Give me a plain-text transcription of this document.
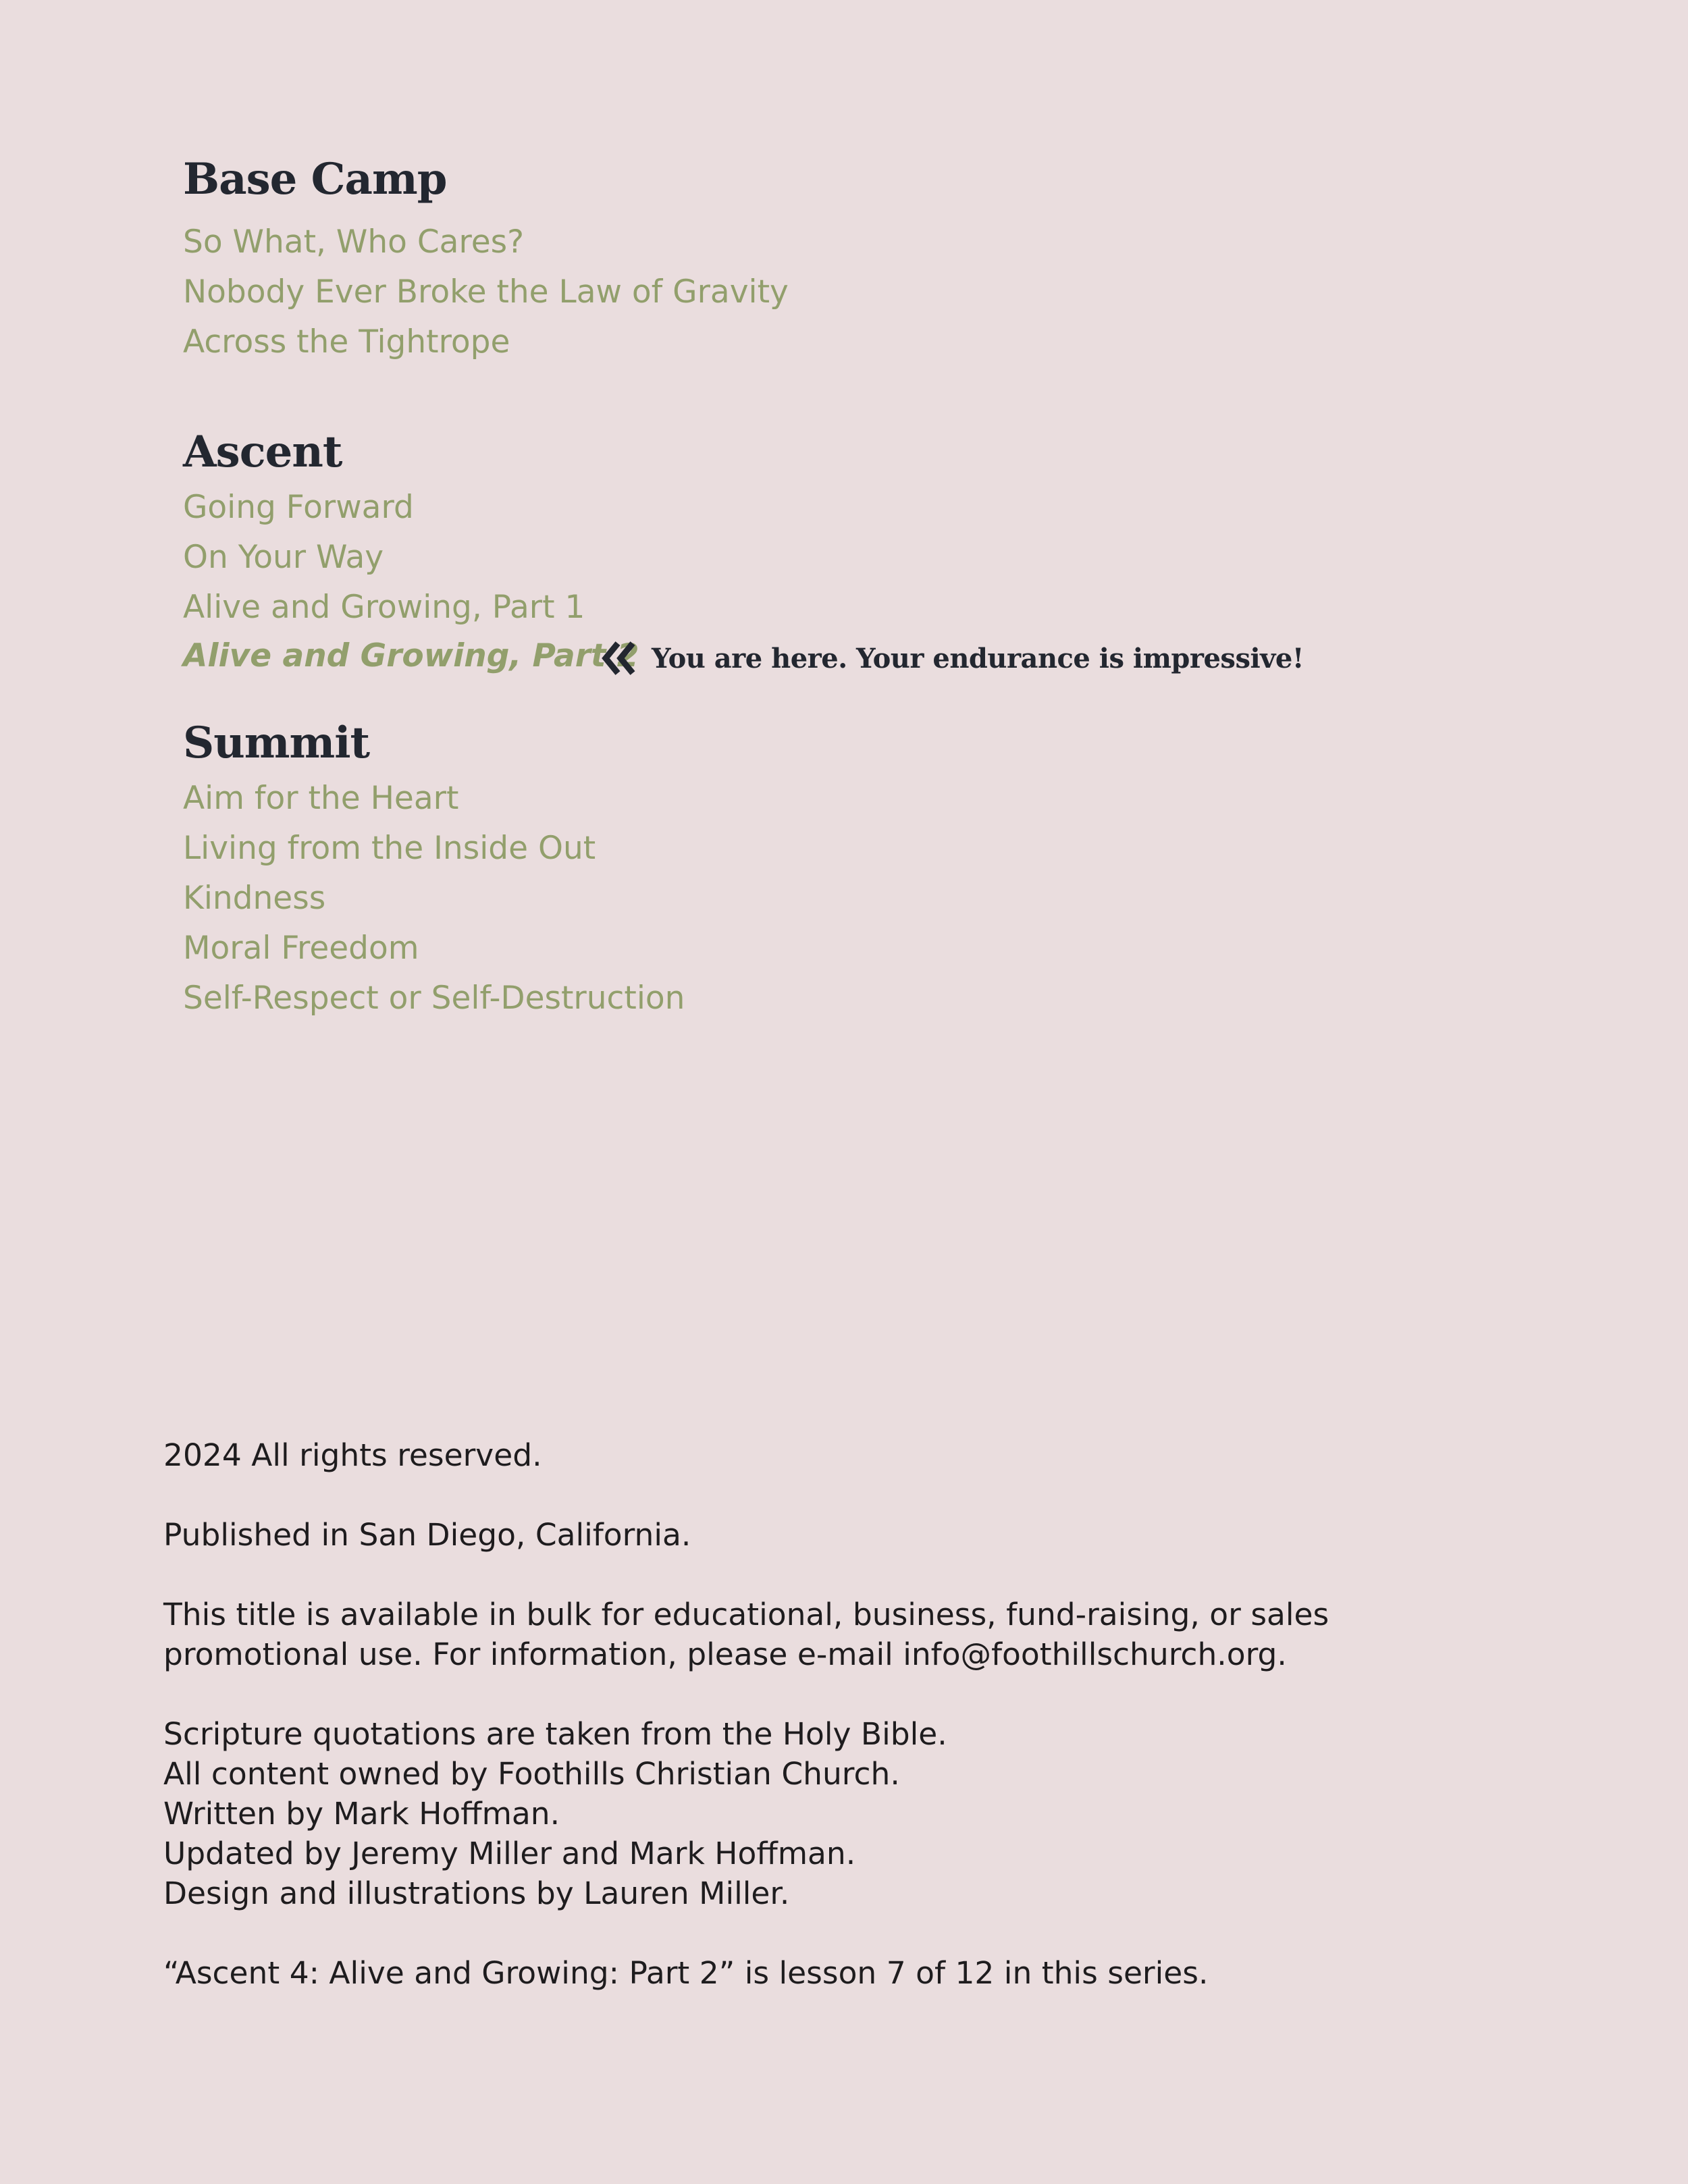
Base Camp
So What, Who Cares?
Nobody Ever Broke the Law of Gravity
Across the Tightrope
Ascent
Going Forward
On Your Way
Alive and Growing, Part 1
Alive and Growing, Part 2 You are here. Your endurance is impressive!
Summit
Aim for the Heart
Living from the Inside Out
Kindness
Moral Freedom
Self-Respect or Self-Destruction

2024 All rights reserved.

Published in San Diego, California.

This title is available in bulk for educational, business, fund-raising, or sales
promotional use. For information, please e-mail info@foothillschurch.org.

Scripture quotations are taken from the Holy Bible.
All content owned by Foothills Christian Church.
Written by Mark Hoffman.
Updated by Jeremy Miller and Mark Hoffman.
Design and illustrations by Lauren Miller.

“Ascent 4: Alive and Growing: Part 2” is lesson 7 of 12 in this series.
